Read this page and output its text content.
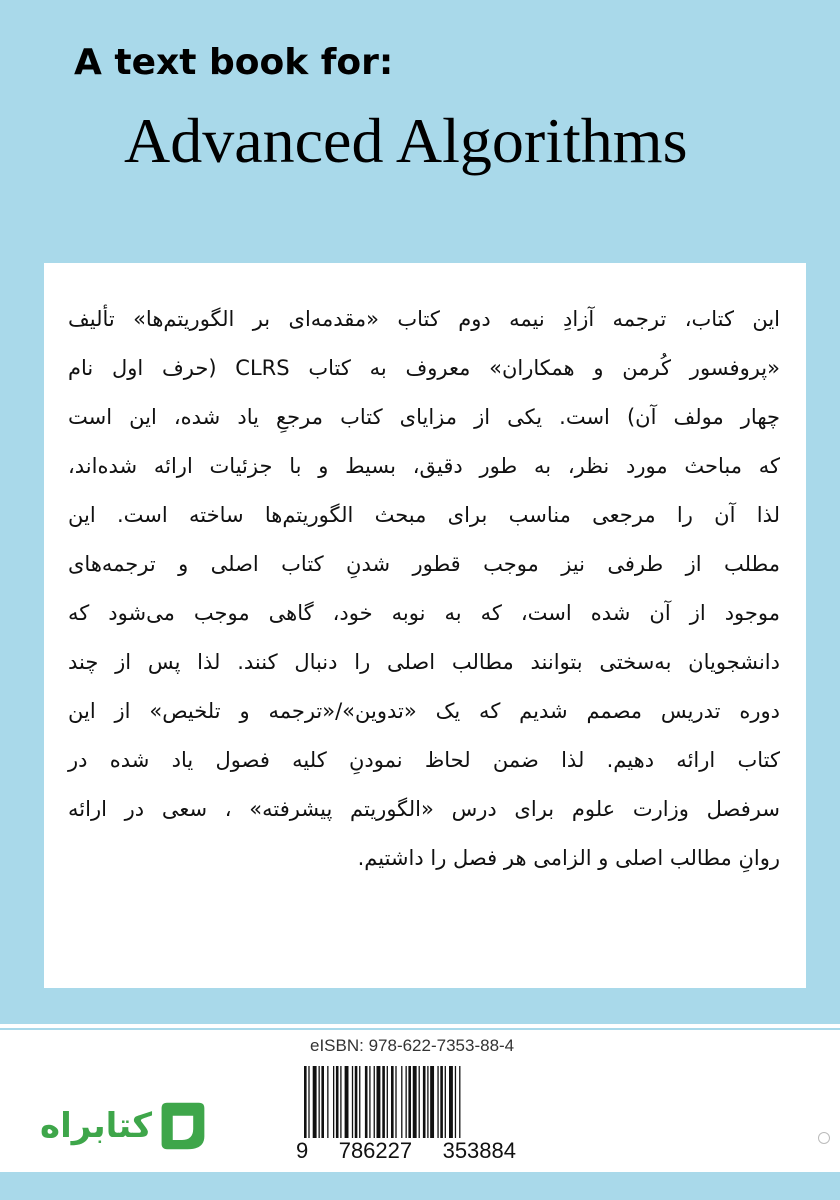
A text book for:
Advanced Algorithms
این کتاب، ترجمه آزادِ نیمه دوم کتاب «مقدمه‌ای بر الگوریتم‌ها» تألیف
«پروفسور کُرمن و همکاران» معروف به کتاب CLRS (حرف اول نام
چهار مولف آن) است. یکی از مزایای کتاب مرجعِ یاد شده، این است
که مباحث مورد نظر، به طور دقیق، بسیط و با جزئیات ارائه شده‌اند،
لذا آن را مرجعی مناسب برای مبحث الگوریتم‌ها ساخته است. این
مطلب از طرفی نیز موجب قطور شدنِ کتاب اصلی و ترجمه‌های
موجود از آن شده است، که به نوبه خود، گاهی موجب می‌شود که
دانشجویان به‌سختی بتوانند مطالب اصلی را دنبال کنند. لذا پس از چند
دوره تدریس مصمم شدیم که یک «تدوین»/«ترجمه و تلخیص» از این
کتاب ارائه دهیم. لذا ضمن لحاظ نمودنِ کلیه فصول یاد شده در
سرفصل وزارت علوم برای درس «الگوریتم پیشرفته» ، سعی در ارائه
روانِ مطالب اصلی و الزامی هر فصل را داشتیم.
eISBN: 978-622-7353-88-4
9 786227 353884
کتابراه
